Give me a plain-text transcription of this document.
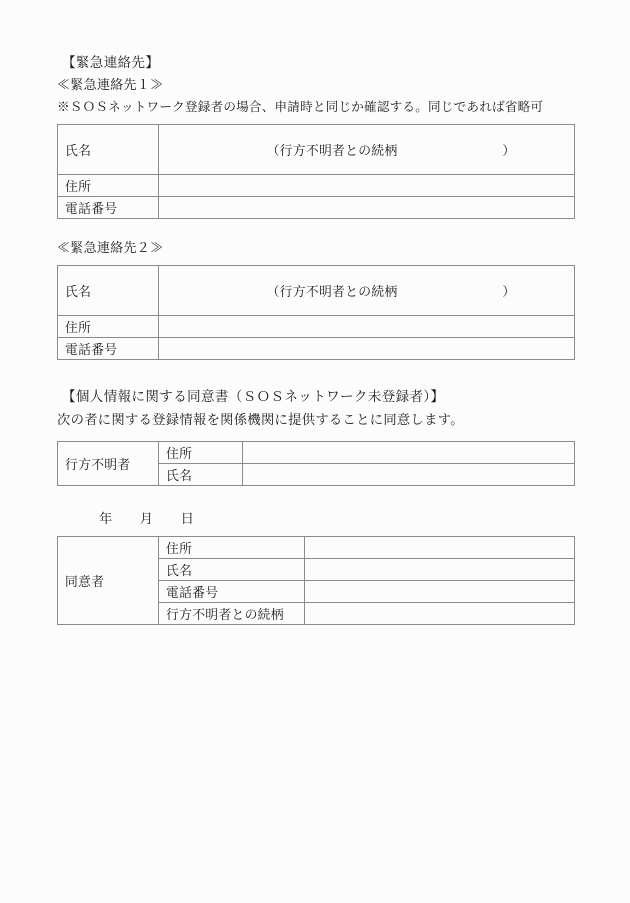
【緊急連絡先】
≪緊急連絡先１≫
※ＳＯＳネットワーク登録者の場合、申請時と同じか確認する。同じであれば省略可
氏名	（行方不明者との続柄　　　　　　　　）

住所	
電話番号	
≪緊急連絡先２≫
氏名	（行方不明者との続柄　　　　　　　　）

住所	
電話番号	
【個人情報に関する同意書（ＳＯＳネットワーク未登録者）】
次の者に関する登録情報を関係機関に提供することに同意します。
行方不明者	住所	
	氏名	
年　　月　　日
同意者	住所	
	氏名	
	電話番号	
	行方不明者との続柄	
